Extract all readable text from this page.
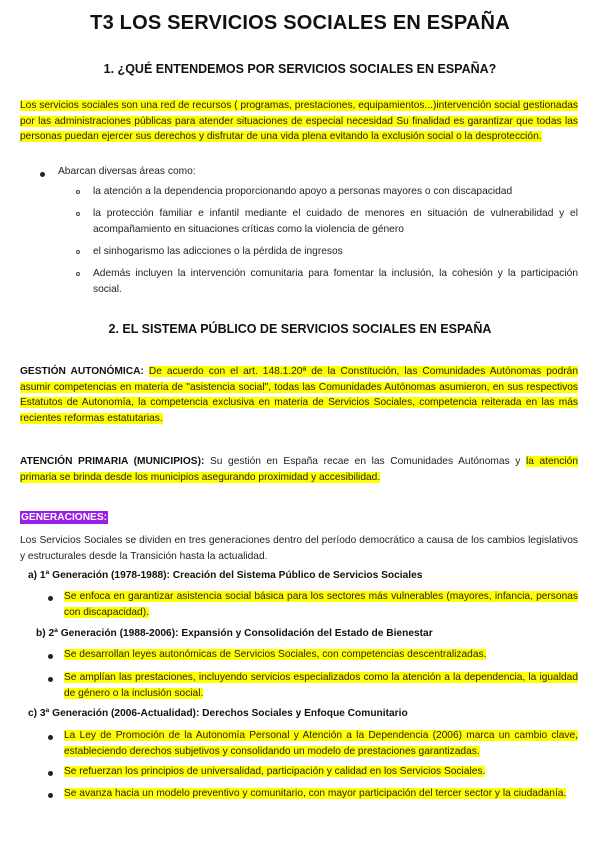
T3 LOS SERVICIOS SOCIALES EN ESPAÑA
1. ¿QUÉ ENTENDEMOS POR SERVICIOS SOCIALES EN ESPAÑA?
Los servicios sociales son una red de recursos ( programas, prestaciones, equipamientos...)intervención social gestionadas por las administraciones públicas para atender situaciones de especial necesidad Su finalidad es garantizar que todas las personas puedan ejercer sus derechos y disfrutar de una vida plena evitando la exclusión social o la desprotección.
Abarcan diversas áreas como:
la atención a la dependencia proporcionando apoyo a personas mayores o con discapacidad
la protección familiar e infantil mediante el cuidado de menores en situación de vulnerabilidad y el acompañamiento en situaciones críticas como la violencia de género
el sinhogarismo las adicciones o la pérdida de ingresos
Además incluyen la intervención comunitaria para fomentar la inclusión, la cohesión y la participación social.
2. EL SISTEMA PÚBLICO DE SERVICIOS SOCIALES EN ESPAÑA
GESTIÓN AUTONÓMICA: De acuerdo con el art. 148.1.20ª de la Constitución, las Comunidades Autónomas podrán asumir competencias en materia de "asistencia social", todas las Comunidades Autónomas asumieron, en sus respectivos Estatutos de Autonomía, la competencia exclusiva en materia de Servicios Sociales, competencia reiterada en las más recientes reformas estatutarias.
ATENCIÓN PRIMARIA (MUNICIPIOS): Su gestión en España recae en las Comunidades Autónomas y la atención primaria se brinda desde los municipios asegurando proximidad y accesibilidad.
GENERACIONES:
Los Servicios Sociales se dividen en tres generaciones dentro del período democrático a causa de los cambios legislativos y estructurales desde la Transición hasta la actualidad.
a) 1ª Generación (1978-1988): Creación del Sistema Público de Servicios Sociales
Se enfoca en garantizar asistencia social básica para los sectores más vulnerables (mayores, infancia, personas con discapacidad).
b) 2ª Generación (1988-2006): Expansión y Consolidación del Estado de Bienestar
Se desarrollan leyes autonómicas de Servicios Sociales, con competencias descentralizadas.
Se amplían las prestaciones, incluyendo servicios especializados como la atención a la dependencia, la igualdad de género o la inclusión social.
c) 3ª Generación (2006-Actualidad): Derechos Sociales y Enfoque Comunitario
La Ley de Promoción de la Autonomía Personal y Atención a la Dependencia (2006) marca un cambio clave, estableciendo derechos subjetivos y consolidando un modelo de prestaciones garantizadas.
Se refuerzan los principios de universalidad, participación y calidad en los Servicios Sociales.
Se avanza hacia un modelo preventivo y comunitario, con mayor participación del tercer sector y la ciudadanía.
